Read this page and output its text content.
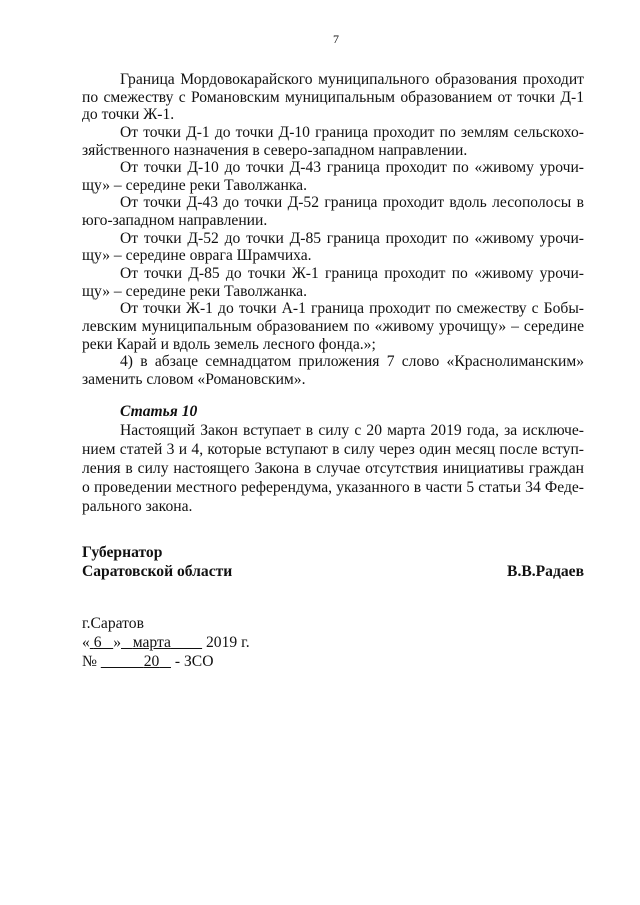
7
Граница Мордовокарайского муниципального образования проходит
по смежеству с Романовским муниципальным образованием от точки Д-1
до точки Ж-1.
От точки Д-1 до точки Д-10 граница проходит по землям сельскохо-
зяйственного назначения в северо-западном направлении.
От точки Д-10 до точки Д-43 граница проходит по «живому урочи-
щу» – середине реки Таволжанка.
От точки Д-43 до точки Д-52 граница проходит вдоль лесополосы в
юго-западном направлении.
От точки Д-52 до точки Д-85 граница проходит по «живому урочи-
щу» – середине оврага Шрамчиха.
От точки Д-85 до точки Ж-1 граница проходит по «живому урочи-
щу» – середине реки Таволжанка.
От точки Ж-1 до точки А-1 граница проходит по смежеству с Бобы-
левским муниципальным образованием по «живому урочищу» – середине
реки Карай и вдоль земель лесного фонда.»;
4) в абзаце семнадцатом приложения 7 слово «Краснолиманским»
заменить словом «Романовским».
Статья 10
Настоящий Закон вступает в силу с 20 марта 2019 года, за исключе-
нием статей 3 и 4, которые вступают в силу через один месяц после вступ-
ления в силу настоящего Закона в случае отсутствия инициативы граждан
о проведении местного референдума, указанного в части 5 статьи 34 Феде-
рального закона.
Губернатор
Саратовской области	В.В.Радаев
г.Саратов
« 6 » марта 2019 г.
№	20 - ЗСО
